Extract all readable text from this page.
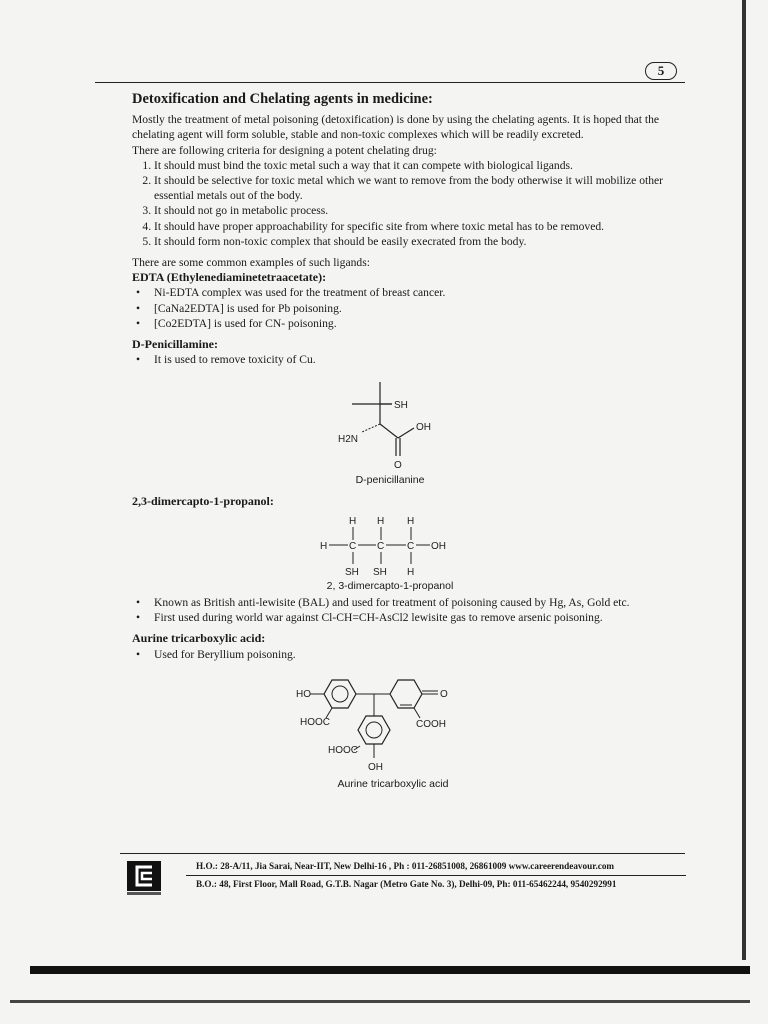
5
Detoxification and Chelating agents in medicine:

Mostly the treatment of metal poisoning (detoxification) is done by using the chelating agents. It is hoped that the chelating agent will form soluble, stable and non-toxic complexes which will be readily excreted.

There are following criteria for designing a potent chelating drug:

1. It should must bind the toxic metal such a way that it can compete with biological ligands.
2. It should be selective for toxic metal which we want to remove from the body otherwise it will mobilize other essential metals out of the body.
3. It should not go in metabolic process.
4. It should have proper approachability for specific site from where toxic metal has to be removed.
5. It should form non-toxic complex that should be easily execrated from the body.

There are some common examples of such ligands:

EDTA (Ethylenediaminetetraacetate):
• Ni-EDTA complex was used for the treatment of breast cancer.
• [CaNa2EDTA] is used for Pb poisoning.
• [Co2EDTA] is used for CN- poisoning.
D-Penicillamine:
• It is used to remove toxicity of Cu.
SH
OH
H2N
O
D-penicillanine
2,3-dimercapto-1-propanol:
H H H
H C C C OH
SH SH H
2, 3-dimercapto-1-propanol
• Known as British anti-lewisite (BAL) and used for treatment of poisoning caused by Hg, As, Gold etc.
• First used during world war against Cl-CH=CH-AsCl2 lewisite gas to remove arsenic poisoning.
Aurine tricarboxylic acid:
• Used for Beryllium poisoning.
O
HO
HOOC	COOH
HOOC
OH
Aurine tricarboxylic acid
H.O.: 28-A/11, Jia Sarai, Near-IIT, New Delhi-16 , Ph : 011-26851008, 26861009 www.careerendeavour.com
B.O.: 48, First Floor, Mall Road, G.T.B. Nagar (Metro Gate No. 3), Delhi-09, Ph: 011-65462244, 9540292991
